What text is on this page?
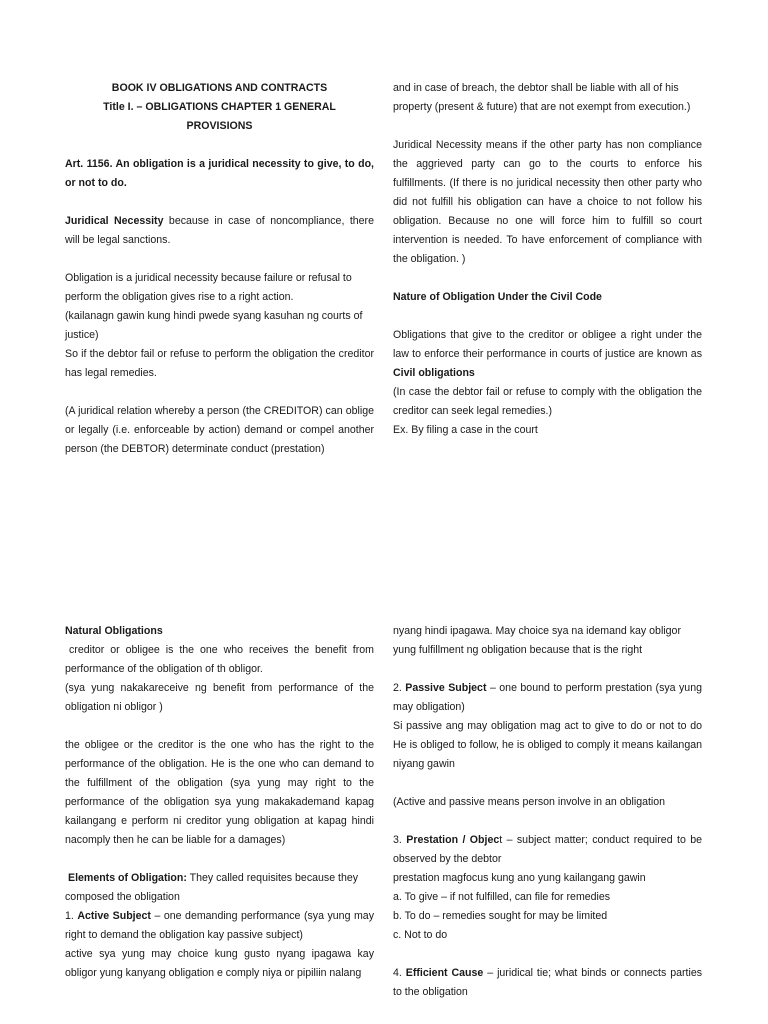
BOOK IV OBLIGATIONS AND CONTRACTS

Title I. – OBLIGATIONS CHAPTER 1 GENERAL PROVISIONS

Art. 1156. An obligation is a juridical necessity to give, to do, or not to do.

Juridical Necessity because in case of noncompliance, there will be legal sanctions.

Obligation is a juridical necessity because failure or refusal to perform the obligation gives rise to a right action.

(kailanagn gawin kung hindi pwede syang kasuhan ng courts of justice)

So if the debtor fail or refuse to perform the obligation the creditor has legal remedies.

(A juridical relation whereby a person (the CREDITOR) can oblige or legally (i.e. enforceable by action) demand or compel another person (the DEBTOR) determinate conduct (prestation)

and in case of breach, the debtor shall be liable with all of his property (present & future) that are not exempt from execution.)

Juridical Necessity means if the other party has non compliance the aggrieved party can go to the courts to enforce his fulfillments. (If there is no juridical necessity then other party who did not fulfill his obligation can have a choice to not follow his obligation. Because no one will force him to fulfill so court intervention is needed. To have enforcement of compliance with the obligation. )

Nature of Obligation Under the Civil Code

Obligations that give to the creditor or obligee a right under the law to enforce their performance in courts of justice are known as Civil obligations

(In case the debtor fail or refuse to comply with the obligation the creditor can seek legal remedies.)

Ex. By filing a case in the court

Natural Obligations

creditor or obligee is the one who receives the benefit from performance of the obligation of th obligor.

(sya yung nakakareceive ng benefit from performance of the obligation ni obligor )

the obligee or the creditor is the one who has the right to the performance of the obligation. He is the one who can demand to the fulfillment of the obligation (sya yung may right to the performance of the obligation sya yung makakademand kapag kailangang e perform ni creditor yung obligation at kapag hindi nacomply then he can be liable for a damages)

Elements of Obligation: They called requisites because they composed the obligation

1. Active Subject – one demanding performance (sya yung may right to demand the obligation kay passive subject)

active sya yung may choice kung gusto nyang ipagawa kay obligor yung kanyang obligation e comply niya or pipiliin nalang

nyang hindi ipagawa. May choice sya na idemand kay obligor yung fulfillment ng obligation because that is the right

2. Passive Subject – one bound to perform prestation (sya yung may obligation)

Si passive ang may obligation mag act to give to do or not to do He is obliged to follow, he is obliged to comply it means kailangan niyang gawin

(Active and passive means person involve in an obligation

3. Prestation / Object – subject matter; conduct required to be observed by the debtor

prestation magfocus kung ano yung kailangang gawin

a. To give – if not fulfilled, can file for remedies

b. To do – remedies sought for may be limited

c. Not to do

4. Efficient Cause – juridical tie; what binds or connects parties to the obligation
